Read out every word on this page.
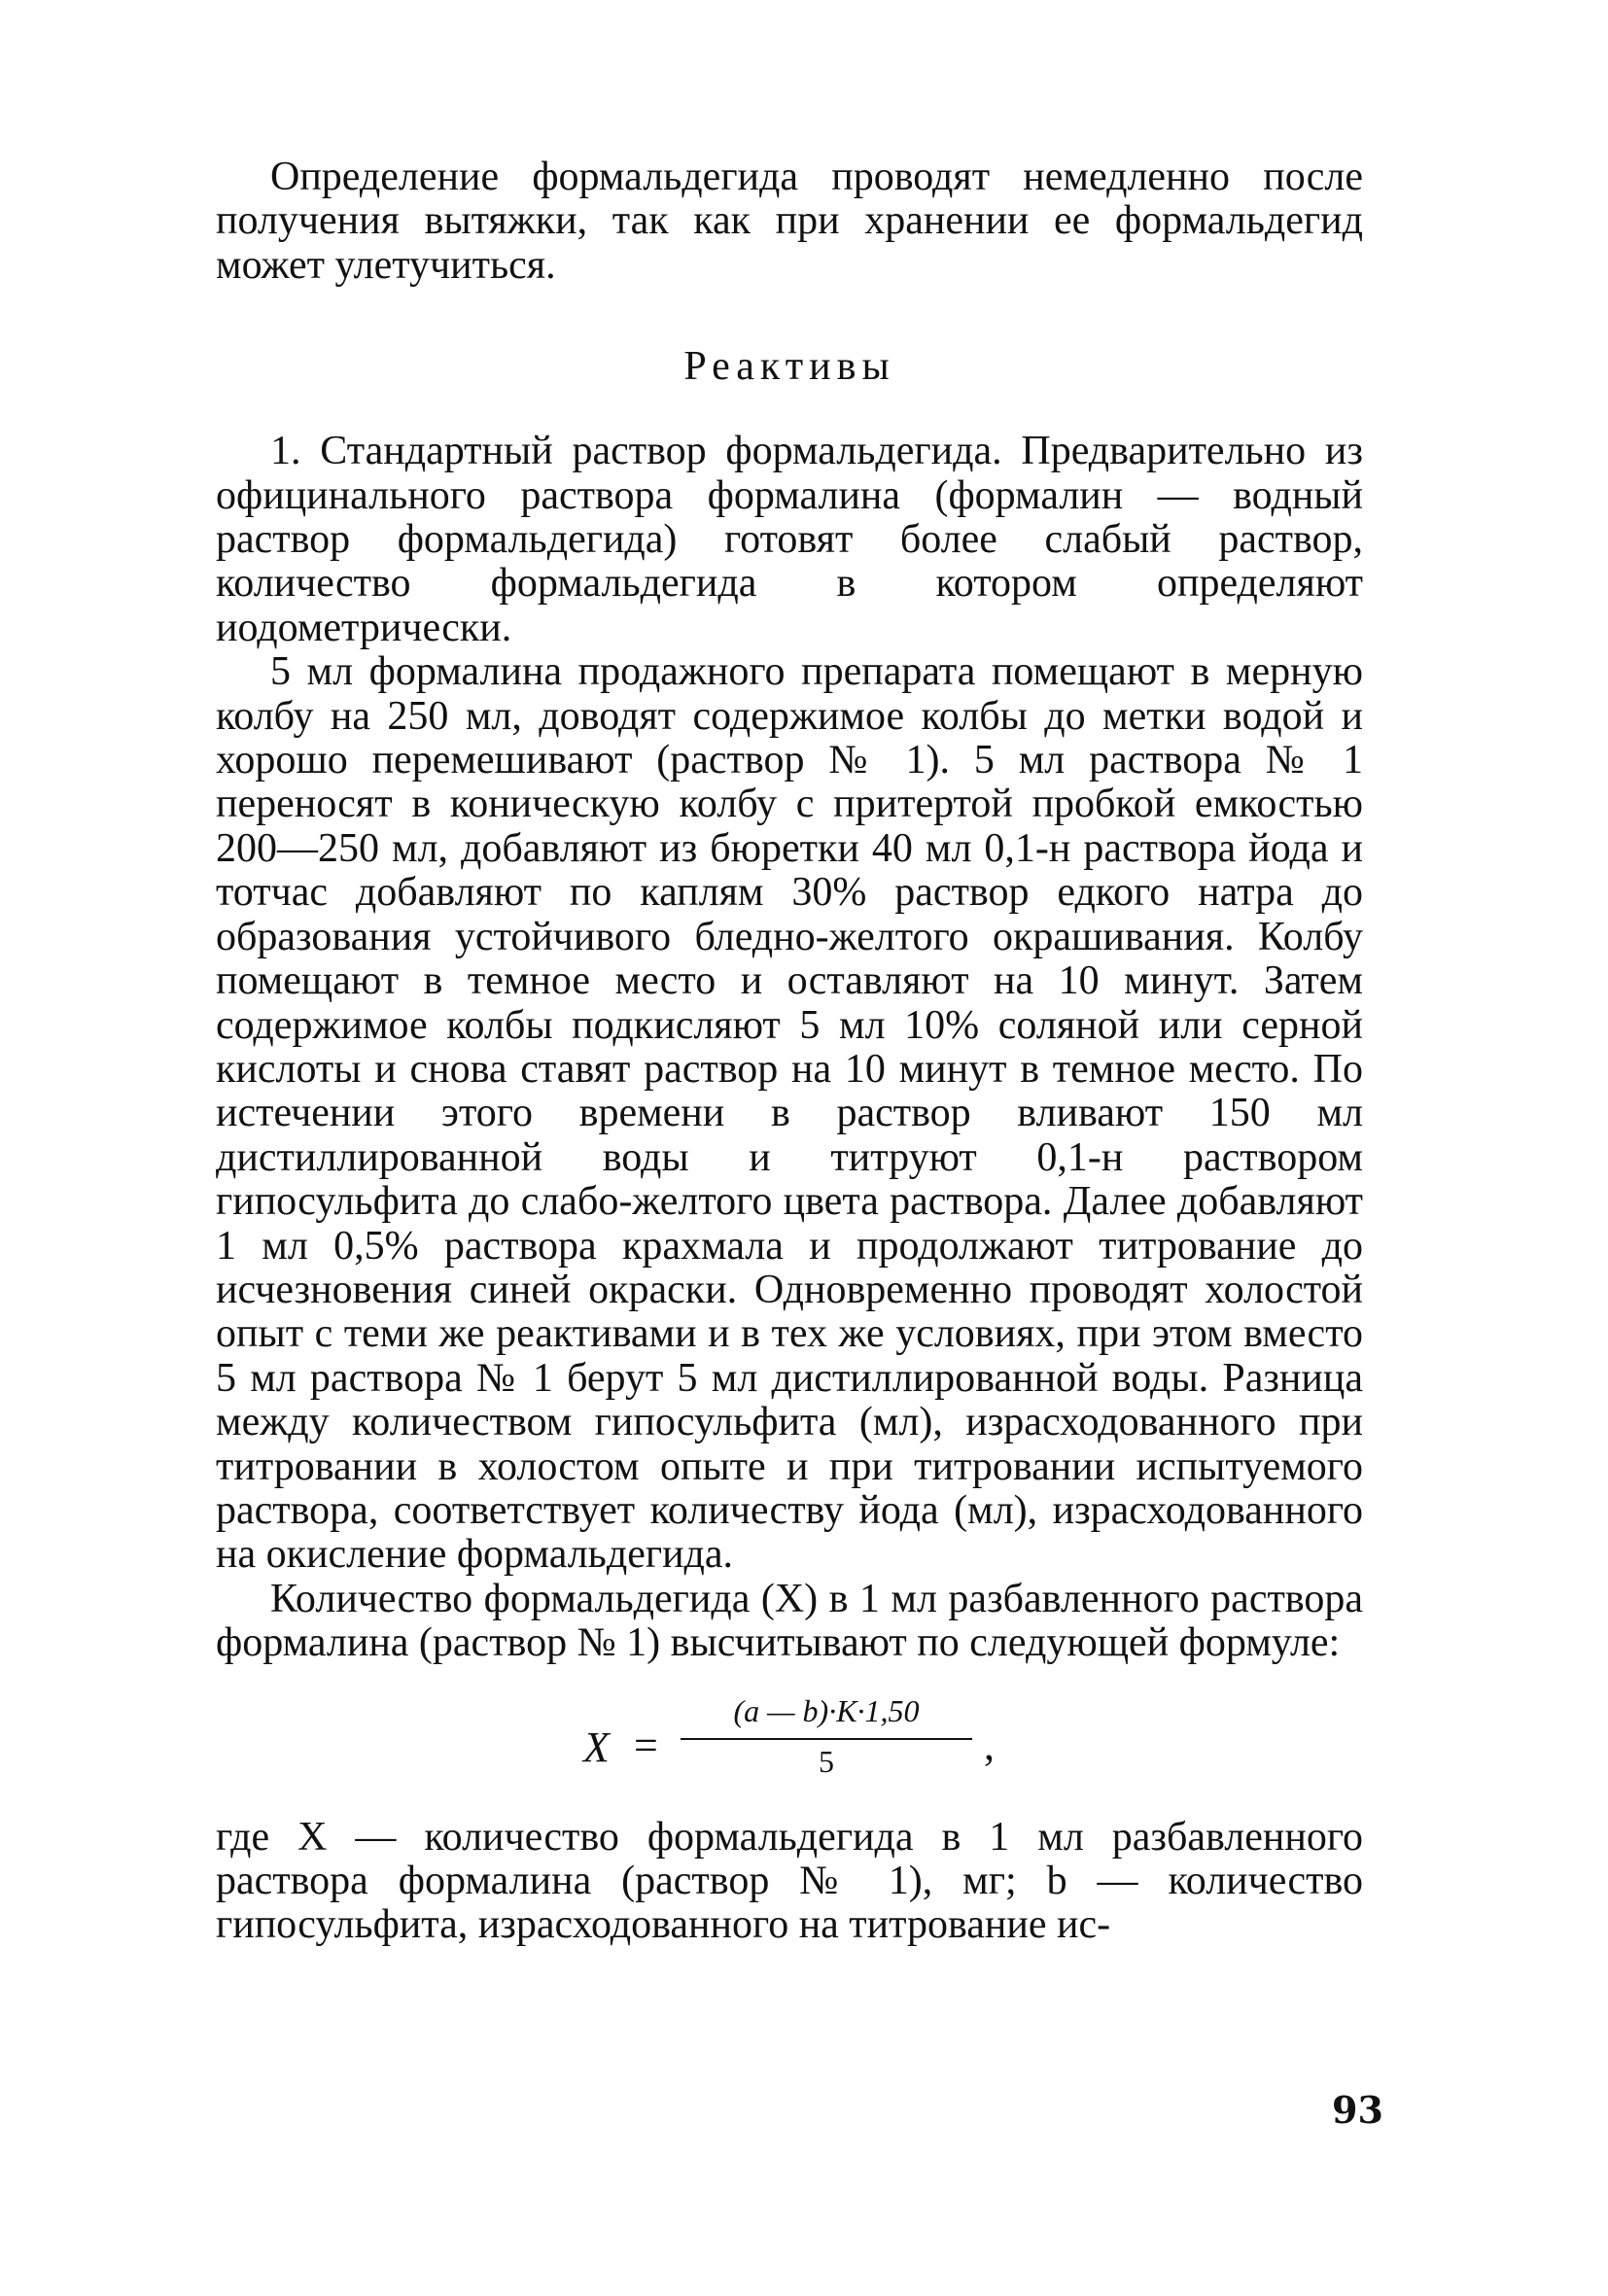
Определение формальдегида проводят немедленно после получения вытяжки, так как при хранении ее формальдегид может улетучиться.

Реактивы

1. Стандартный раствор формальдегида. Предварительно из официнального раствора формалина (формалин — водный раствор формальдегида) готовят более слабый раствор, количество формальдегида в котором определяют иодометрически.

5 мл формалина продажного препарата помещают в мерную колбу на 250 мл, доводят содержимое колбы до метки водой и хорошо перемешивают (раствор № 1). 5 мл раствора № 1 переносят в коническую колбу с притертой пробкой емкостью 200—250 мл, добавляют из бюретки 40 мл 0,1-н раствора йода и тотчас добавляют по каплям 30% раствор едкого натра до образования устойчивого бледно-желтого окрашивания. Колбу помещают в темное место и оставляют на 10 минут. Затем содержимое колбы подкисляют 5 мл 10% соляной или серной кислоты и снова ставят раствор на 10 минут в темное место. По истечении этого времени в раствор вливают 150 мл дистиллированной воды и титруют 0,1-н раствором гипосульфита до слабо-желтого цвета раствора. Далее добавляют 1 мл 0,5% раствора крахмала и продолжают титрование до исчезновения синей окраски. Одновременно проводят холостой опыт с теми же реактивами и в тех же условиях, при этом вместо 5 мл раствора № 1 берут 5 мл дистиллированной воды. Разница между количеством гипосульфита (мл), израсходованного при титровании в холостом опыте и при титровании испытуемого раствора, соответствует количеству йода (мл), израсходованного на окисление формальдегида.

Количество формальдегида (X) в 1 мл разбавленного раствора формалина (раствор № 1) высчитывают по следующей формуле:

X =
(a — b)·K·1,50
5	,

где X — количество формальдегида в 1 мл разбавленного раствора формалина (раствор № 1), мг; b — количество гипосульфита, израсходованного на титрование ис-

93
